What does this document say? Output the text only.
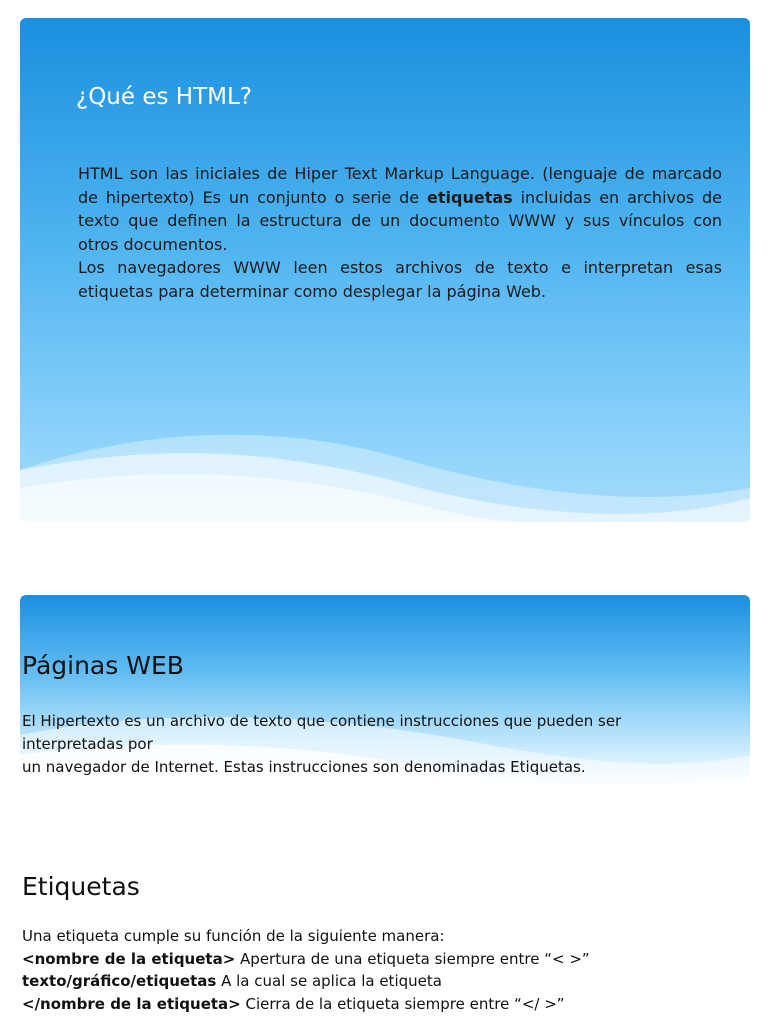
¿Qué es HTML?

HTML son las iniciales de Hiper Text Markup Language. (lenguaje de marcado de hipertexto) Es un conjunto o serie de etiquetas incluidas en archivos de texto que definen la estructura de un documento WWW y sus vínculos con otros documentos.

Los navegadores WWW leen estos archivos de texto e interpretan esas etiquetas para determinar como desplegar la página Web.

Páginas WEB
El Hipertexto es un archivo de texto que contiene instrucciones que pueden ser
interpretadas por
un navegador de Internet. Estas instrucciones son denominadas Etiquetas.
Etiquetas
Una etiqueta cumple su función de la siguiente manera:
<nombre de la etiqueta> Apertura de una etiqueta siempre entre “< >”
texto/gráfico/etiquetas A la cual se aplica la etiqueta
</nombre de la etiqueta> Cierra de la etiqueta siempre entre “</ >”
